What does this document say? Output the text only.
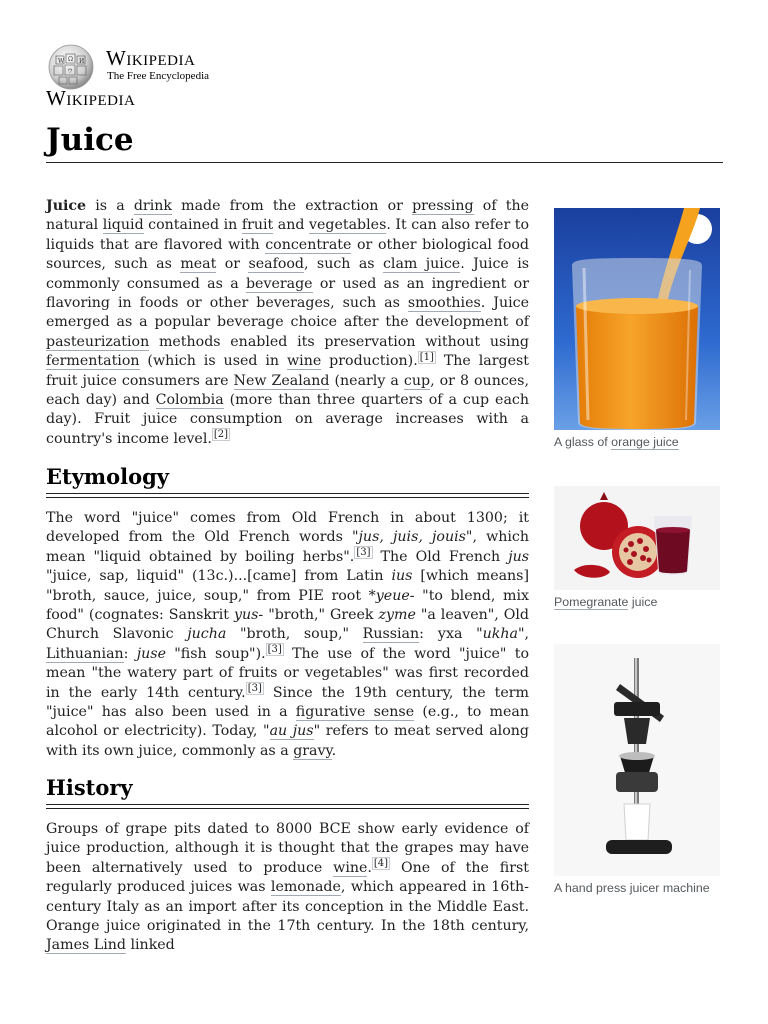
W Ω И
ウ
Wikipedia
The Free Encyclopedia
Wikipedia
Juice

Juice is a drink made from the extraction or pressing of the natural liquid contained in fruit and vegetables. It can also refer to liquids that are flavored with concentrate or other biological food sources, such as meat or seafood, such as clam juice. Juice is commonly consumed as a beverage or used as an ingredient or flavoring in foods or other beverages, such as smoothies. Juice emerged as a popular beverage choice after the development of pasteurization methods enabled its preservation without using fermentation (which is used in wine production). [1] The largest fruit juice consumers are New Zealand (nearly a cup, or 8 ounces, each day) and Colombia (more than three quarters of a cup each day). Fruit juice consumption on average increases with a country's income level. [2]

Etymology

The word "juice" comes from Old French in about 1300; it developed from the Old French words "jus, juis, jouis", which mean "liquid obtained by boiling herbs". [3] The Old French jus "juice, sap, liquid" (13c.)...[came] from Latin ius [which means] "broth, sauce, juice, soup," from PIE root *yeue- "to blend, mix food" (cognates: Sanskrit yus- "broth," Greek zyme "a leaven", Old Church Slavonic jucha "broth, soup," Russian: уха "ukha", Lithuanian: juse "fish soup"). [3] The use of the word "juice" to mean "the watery part of fruits or vegetables" was first recorded in the early 14th century. [3] Since the 19th century, the term "juice" has also been used in a figurative sense (e.g., to mean alcohol or electricity). Today, "au jus" refers to meat served along with its own juice, commonly as a gravy.

History

Groups of grape pits dated to 8000 BCE show early evidence of juice production, although it is thought that the grapes may have been alternatively used to produce wine. [4] One of the first regularly produced juices was lemonade, which appeared in 16th-century Italy as an import after its conception in the Middle East. Orange juice originated in the 17th century. In the 18th century, James Lind linked

A glass of orange juice
Pomegranate juice
A hand press juicer machine
